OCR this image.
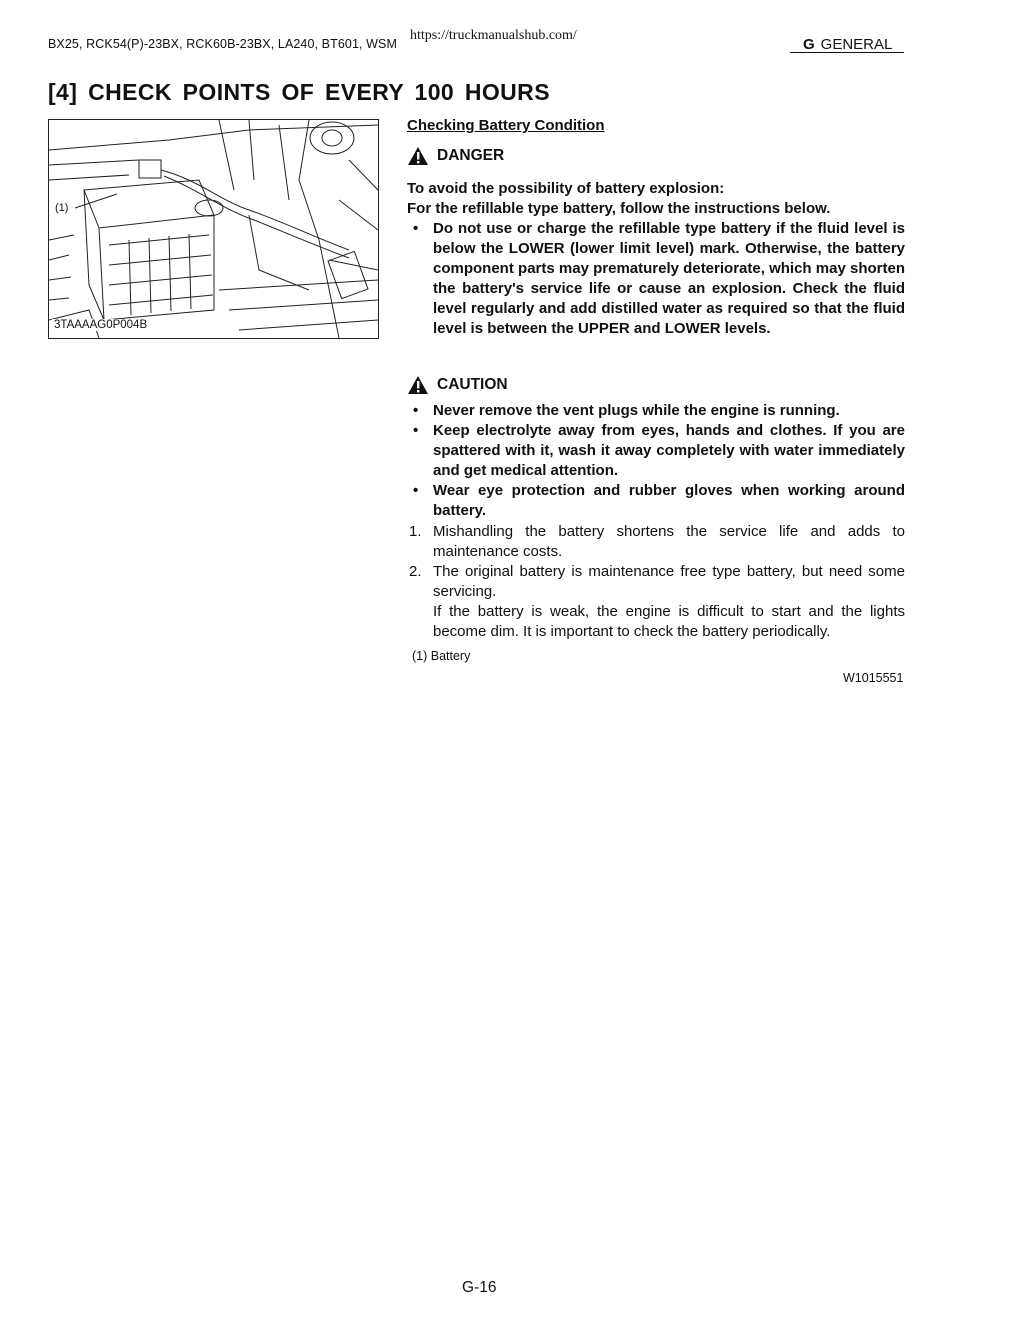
BX25, RCK54(P)-23BX, RCK60B-23BX, LA240, BT601, WSM
https://truckmanualshub.com/
G GENERAL
[4] CHECK POINTS OF EVERY 100 HOURS
(1)
3TAAAAG0P004B
Checking Battery Condition
DANGER
To avoid the possibility of battery explosion:
For the refillable type battery, follow the instructions below.
• Do not use or charge the refillable type battery if the fluid level is below the LOWER (lower limit level) mark. Otherwise, the battery component parts may prematurely deteriorate, which may shorten the battery's service life or cause an explosion. Check the fluid level regularly and add distilled water as required so that the fluid level is between the UPPER and LOWER levels.
CAUTION
• Never remove the vent plugs while the engine is running.
• Keep electrolyte away from eyes, hands and clothes. If you are spattered with it, wash it away completely with water immediately and get medical attention.
• Wear eye protection and rubber gloves when working around battery.
1. Mishandling the battery shortens the service life and adds to maintenance costs.
2. The original battery is maintenance free type battery, but need some servicing.
If the battery is weak, the engine is difficult to start and the lights become dim. It is important to check the battery periodically.
(1) Battery
W1015551
G-16
